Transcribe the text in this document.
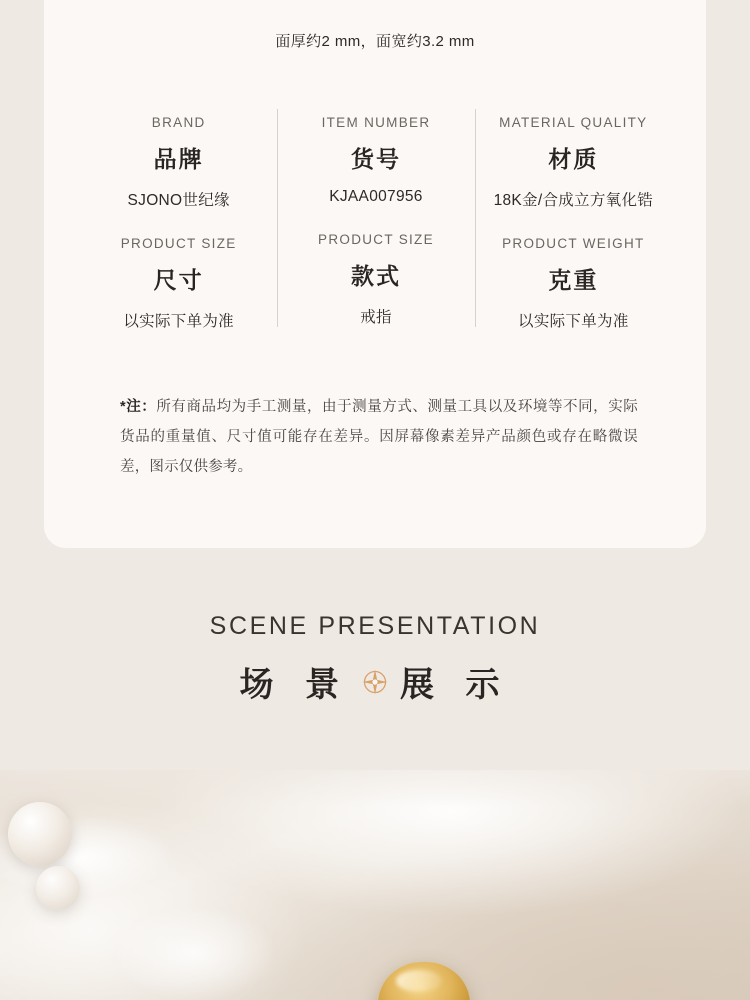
面厚约2 mm，面宽约3.2 mm
BRAND
品牌
SJONO世纪缘
PRODUCT SIZE
尺寸
以实际下单为准
ITEM NUMBER
货号
KJAA007956
PRODUCT SIZE
款式
戒指
MATERIAL QUALITY
材质
18K金/合成立方氧化锆
PRODUCT WEIGHT
克重
以实际下单为准
*注：所有商品均为手工测量，由于测量方式、测量工具以及环境等不同，实际货品的重量值、尺寸值可能存在差异。因屏幕像素差异产品颜色或存在略微误差，图示仅供参考。
SCENE PRESENTATION
场 景 展 示
